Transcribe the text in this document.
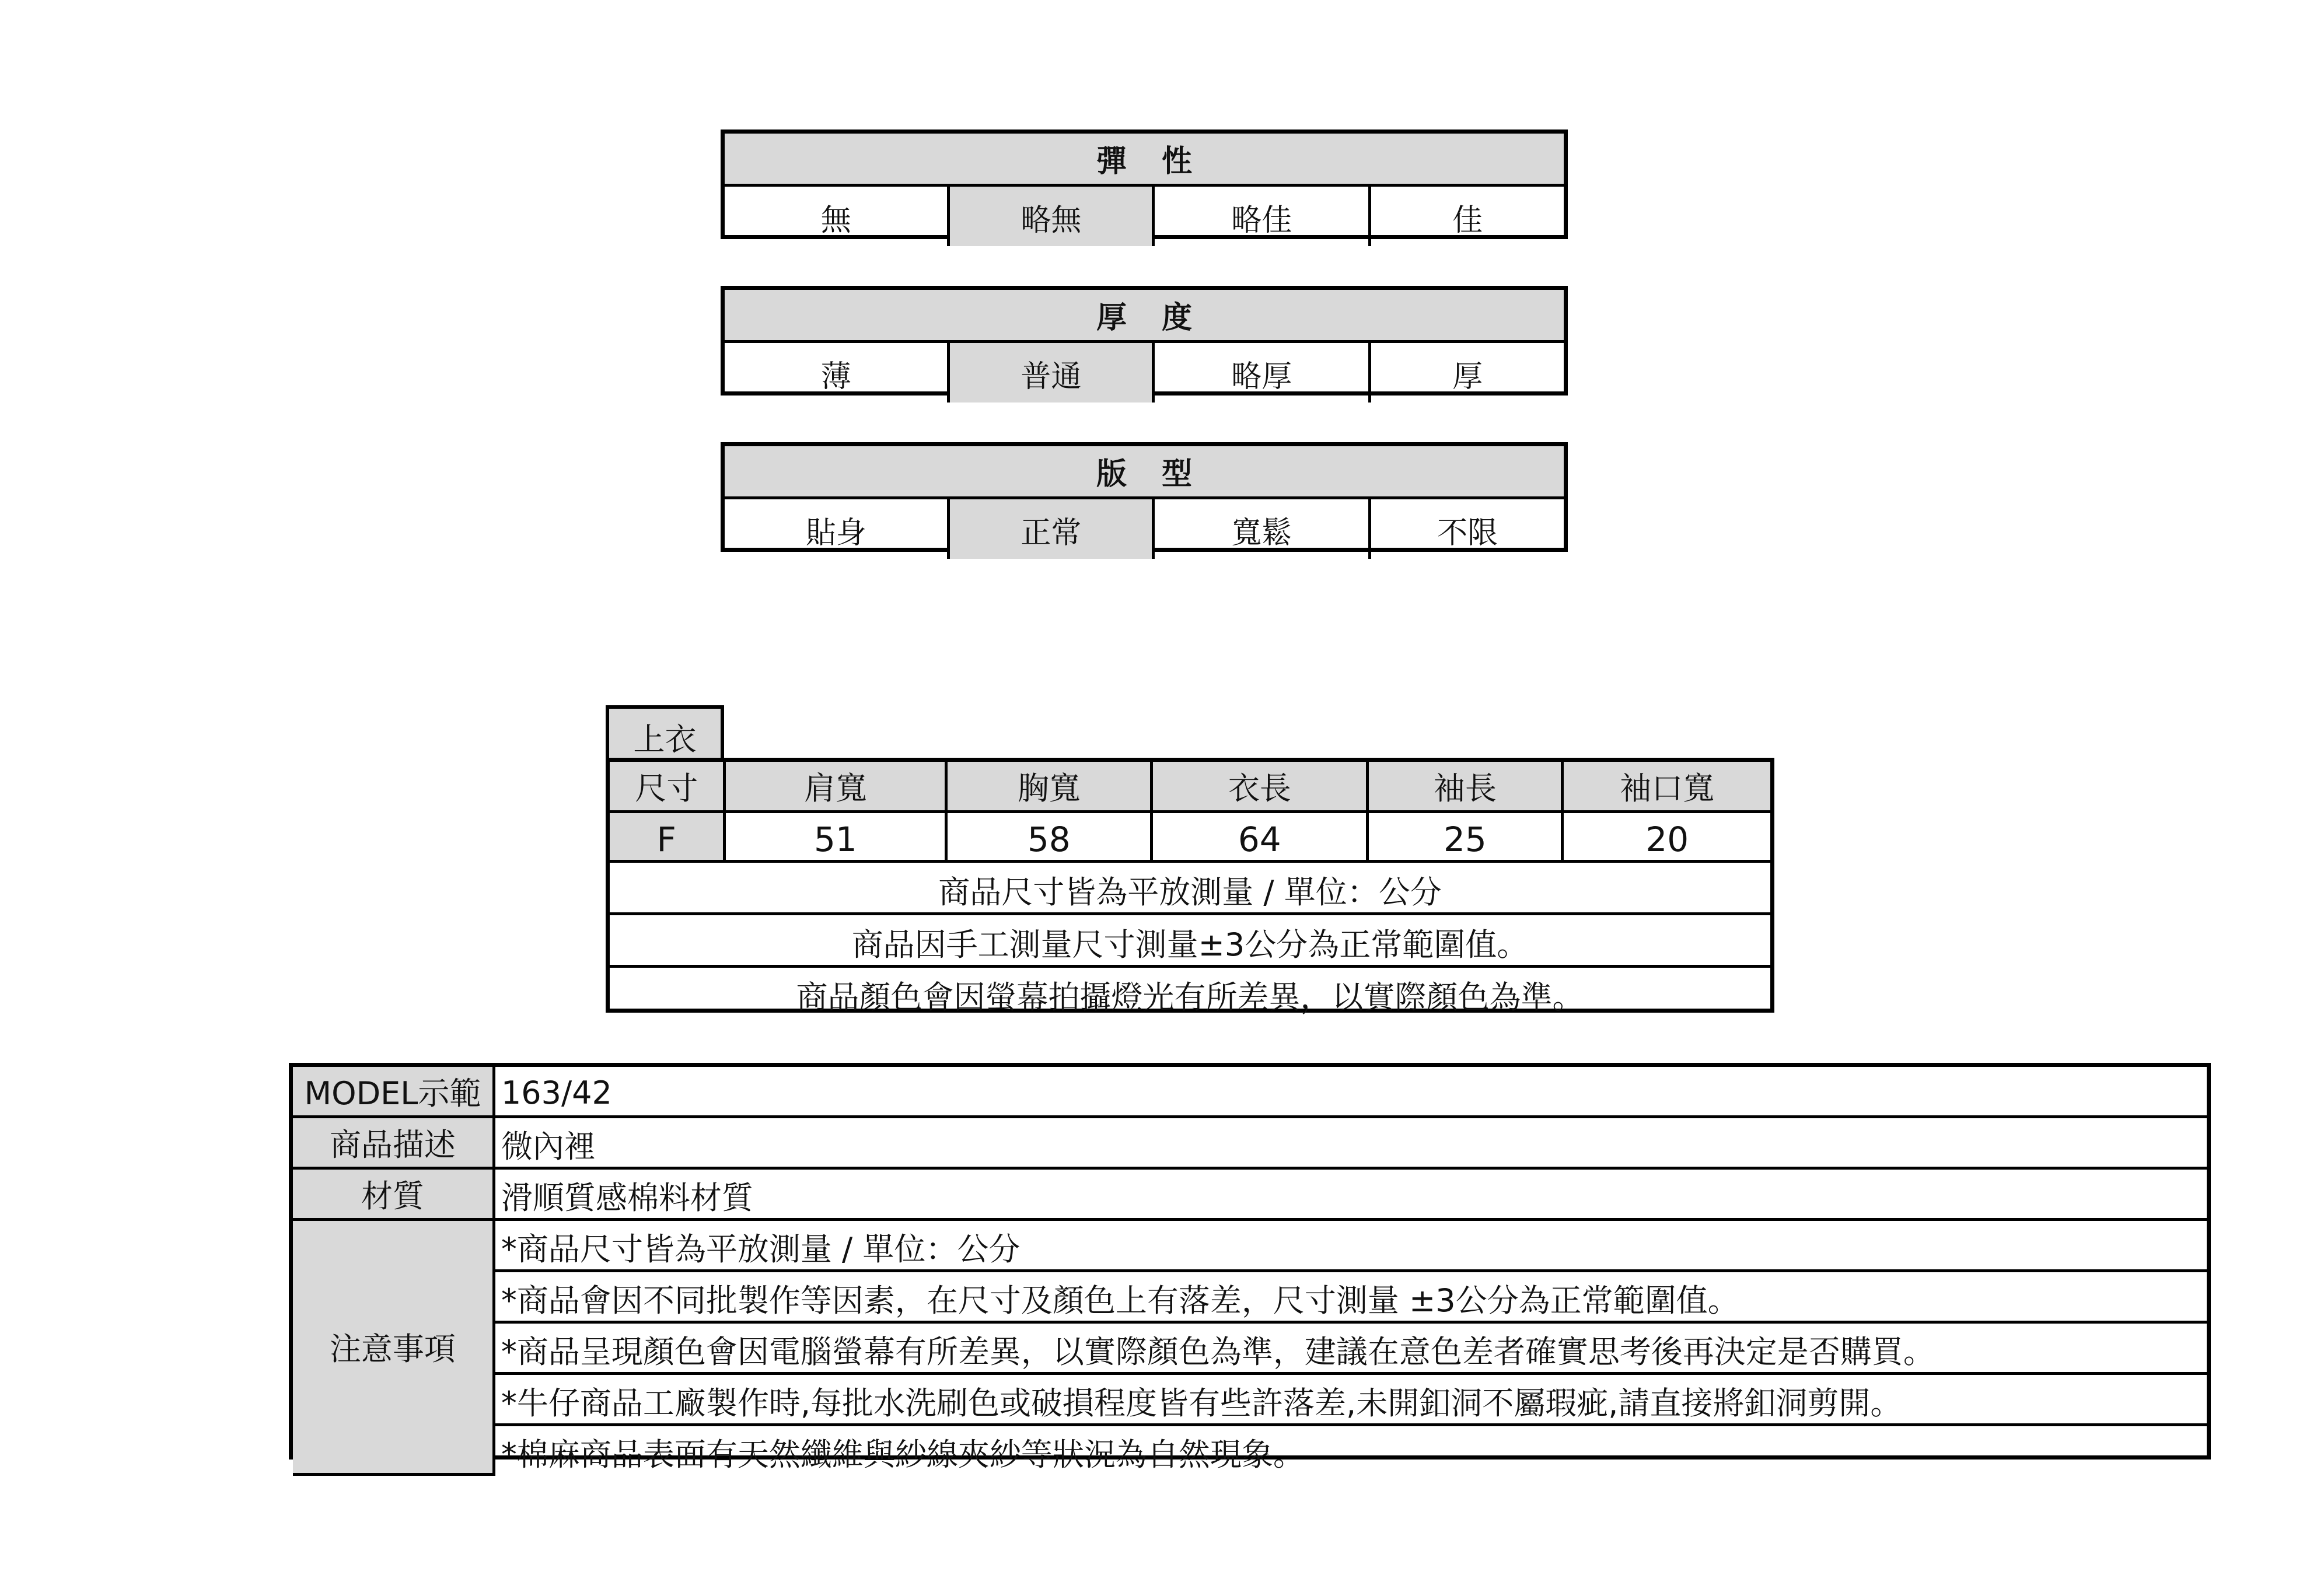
彈性
無	略無	略佳	佳
厚度
薄	普通	略厚	厚
版型
貼身	正常	寬鬆	不限
上衣
尺寸	肩寬	胸寬	衣長	袖長	袖口寬
F	51	58	64	25	20
商品尺寸皆為平放測量 / 單位：公分					
商品因手工測量尺寸測量±3公分為正常範圍值。					
商品顏色會因螢幕拍攝燈光有所差異，以實際顏色為準。					
MODEL示範	163/42
商品描述	微內裡
材質	滑順質感棉料材質
注意事項	*商品尺寸皆為平放測量 / 單位：公分
	*商品會因不同批製作等因素，在尺寸及顏色上有落差，尺寸測量 ±3公分為正常範圍值。
	*商品呈現顏色會因電腦螢幕有所差異，以實際顏色為準，建議在意色差者確實思考後再決定是否購買。
	*牛仔商品工廠製作時,每批水洗刷色或破損程度皆有些許落差,未開釦洞不屬瑕疵,請直接將釦洞剪開。
	*棉麻商品表面有天然纖維與紗線夾紗等狀況為自然現象。
